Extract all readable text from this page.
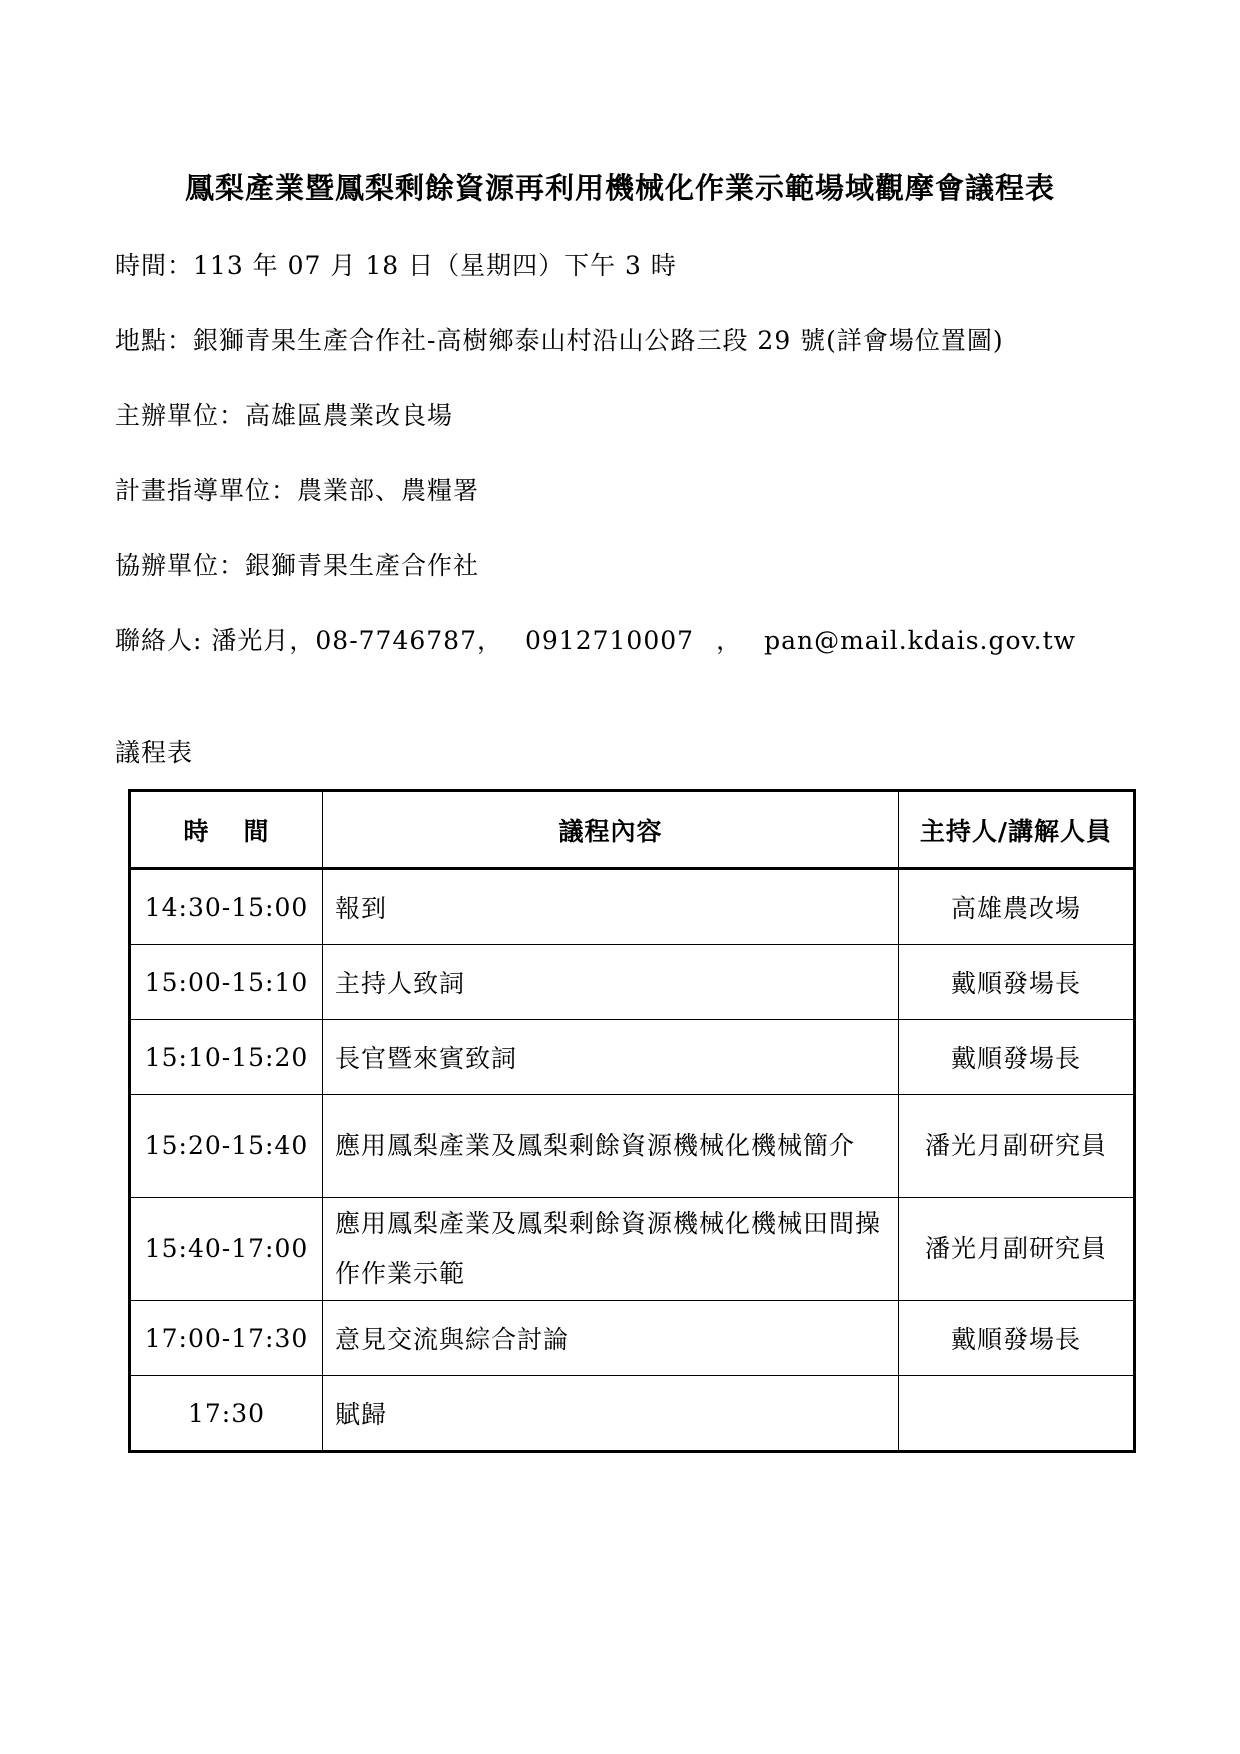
鳳梨產業暨鳳梨剩餘資源再利用機械化作業示範場域觀摩會議程表
時間：113 年 07 月 18 日（星期四）下午 3 時
地點：銀獅青果生產合作社-高樹鄉泰山村沿山公路三段 29 號(詳會場位置圖)
主辦單位：高雄區農業改良場
計畫指導單位：農業部、農糧署
協辦單位：銀獅青果生產合作社
聯絡人: 潘光月，08-7746787， 0912710007 ， pan@mail.kdais.gov.tw
議程表
時 間	議程內容	主持人/講解人員
14:30-15:00	報到	高雄農改場
15:00-15:10	主持人致詞	戴順發場長
15:10-15:20	長官暨來賓致詞	戴順發場長
15:20-15:40	應用鳳梨產業及鳳梨剩餘資源機械化機械簡介	潘光月副研究員
15:40-17:00	應用鳳梨產業及鳳梨剩餘資源機械化機械田間操作作業示範	潘光月副研究員
17:00-17:30	意見交流與綜合討論	戴順發場長
17:30	賦歸	
